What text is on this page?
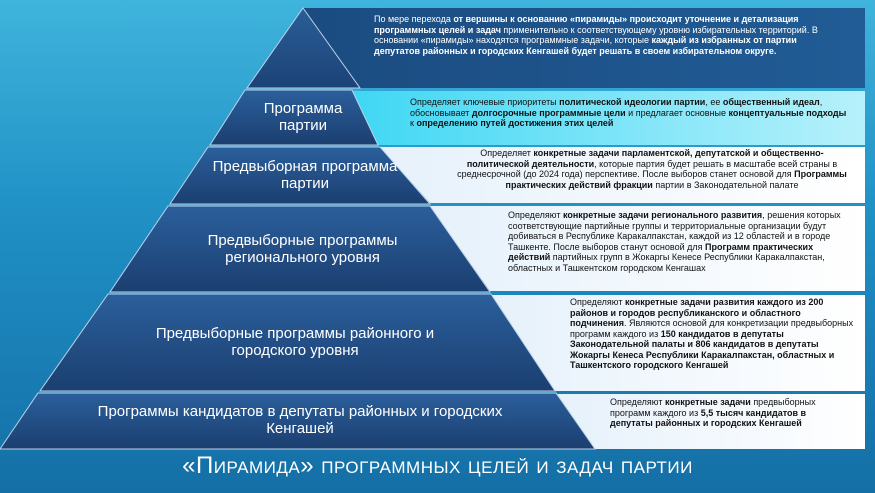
Программа партии
Предвыборная программа партии
Предвыборные программы регионального уровня
Предвыборные программы районного и городского уровня
Программы кандидатов в депутаты районных и городских Кенгашей
По мере перехода от вершины к основанию «пирамиды» происходит уточнение и детализация программных целей и задач применительно к соответствующему уровню избирательных территорий. В основании «пирамиды» находятся программные задачи, которые каждый из избранных от партии депутатов районных и городских Кенгашей будет решать в своем избирательном округе.
Определяет ключевые приоритеты политической идеологии партии, ее общественный идеал, обосновывает долгосрочные программные цели и предлагает основные концептуальные подходы к определению путей достижения этих целей
Определяет конкретные задачи парламентской, депутатской и общественно-политической деятельности, которые партия будет решать в масштабе всей страны в среднесрочной (до 2024 года) перспективе. После выборов станет основой для Программы практических действий фракции партии в Законодательной палате
Определяют конкретные задачи регионального развития, решения которых соответствующие партийные группы и территориальные организации будут добиваться в Республике Каракалпакстан, каждой из 12 областей и в городе Ташкенте. После выборов станут основой для Программ практических действий партийных групп в Жокаргы Кенесе Республики Каракалпакстан, областных и Ташкентском городском Кенгашах
Определяют конкретные задачи развития каждого из 200 районов и городов республиканского и областного подчинения. Являются основой для конкретизации предвыборных программ каждого из 150 кандидатов в депутаты Законодательной палаты и 806 кандидатов в депутаты Жокаргы Кенеса Республики Каракалпакстан, областных и Ташкентского городского Кенгашей
Определяют конкретные задачи предвыборных программ каждого из 5,5 тысяч кандидатов в депутаты районных и городских Кенгашей
«Пирамида» программных целей и задач партии
